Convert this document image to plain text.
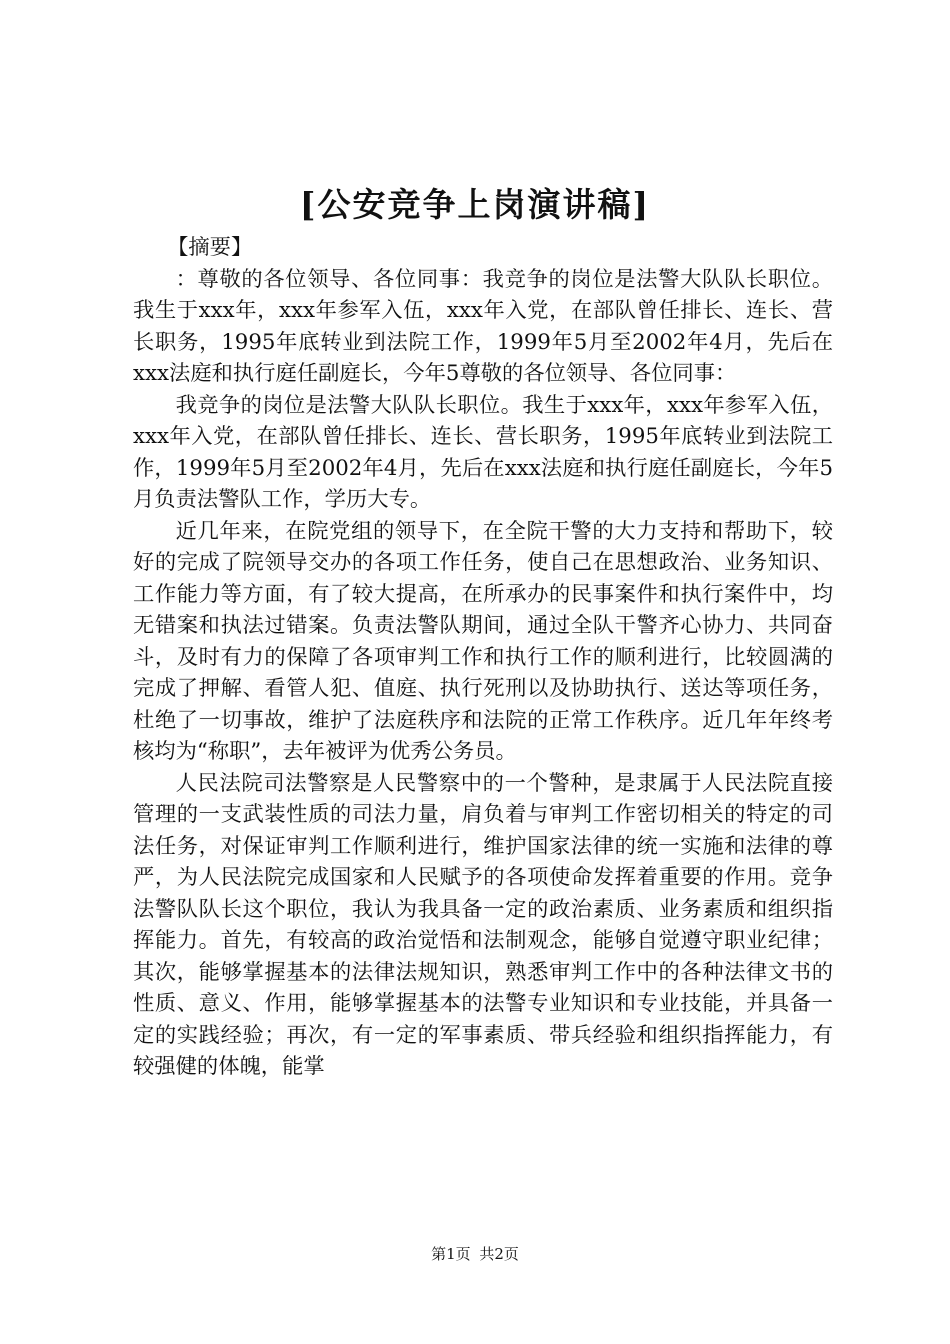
[公安竞争上岗演讲稿]

【摘要】

：尊敬的各位领导、各位同事：我竞争的岗位是法警大队队长职位。我生于xxx年，xxx年参军入伍，xxx年入党，在部队曾任排长、连长、营长职务，1995年底转业到法院工作，1999年5月至2002年4月，先后在xxx法庭和执行庭任副庭长，今年5尊敬的各位领导、各位同事：

我竞争的岗位是法警大队队长职位。我生于xxx年，xxx年参军入伍，xxx年入党，在部队曾任排长、连长、营长职务，1995年底转业到法院工作，1999年5月至2002年4月，先后在xxx法庭和执行庭任副庭长，今年5月负责法警队工作，学历大专。

近几年来，在院党组的领导下，在全院干警的大力支持和帮助下，较好的完成了院领导交办的各项工作任务，使自己在思想政治、业务知识、工作能力等方面，有了较大提高，在所承办的民事案件和执行案件中，均无错案和执法过错案。负责法警队期间，通过全队干警齐心协力、共同奋斗，及时有力的保障了各项审判工作和执行工作的顺利进行，比较圆满的完成了押解、看管人犯、值庭、执行死刑以及协助执行、送达等项任务，杜绝了一切事故，维护了法庭秩序和法院的正常工作秩序。近几年年终考核均为“称职”，去年被评为优秀公务员。

人民法院司法警察是人民警察中的一个警种，是隶属于人民法院直接管理的一支武装性质的司法力量，肩负着与审判工作密切相关的特定的司法任务，对保证审判工作顺利进行，维护国家法律的统一实施和法律的尊严，为人民法院完成国家和人民赋予的各项使命发挥着重要的作用。竞争法警队队长这个职位，我认为我具备一定的政治素质、业务素质和组织指挥能力。首先，有较高的政治觉悟和法制观念，能够自觉遵守职业纪律；其次，能够掌握基本的法律法规知识，熟悉审判工作中的各种法律文书的性质、意义、作用，能够掌握基本的法警专业知识和专业技能，并具备一定的实践经验；再次，有一定的军事素质、带兵经验和组织指挥能力，有较强健的体魄，能掌

第1页 共2页
